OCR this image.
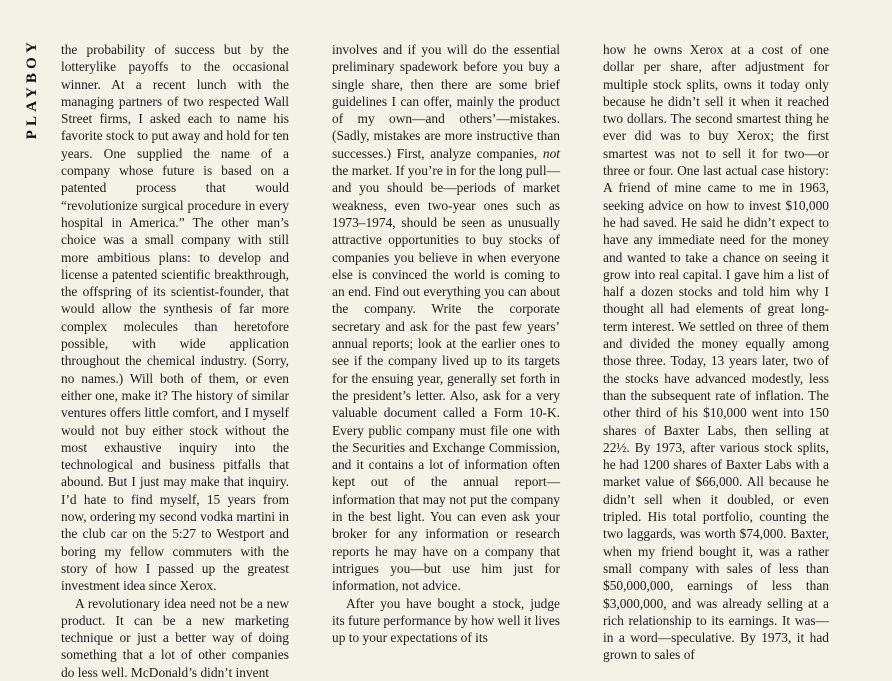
PLAYBOY the probability of success but by the lotterylike payoffs to the occasional winner. At a recent lunch with the managing partners of two respected Wall Street firms, I asked each to name his favorite stock to put away and hold for ten years. One supplied the name of a company whose future is based on a patented process that would “revolutionize surgical procedure in every hospital in America.” The other man’s choice was a small company with still more ambitious plans: to develop and license a patented scientific breakthrough, the offspring of its scientist-founder, that would allow the synthesis of far more complex molecules than heretofore possible, with wide application throughout the chemical industry. (Sorry, no names.) Will both of them, or even either one, make it? The history of similar ventures offers little comfort, and I myself would not buy either stock without the most exhaustive inquiry into the technological and business pitfalls that abound. But I just may make that inquiry. I’d hate to find myself, 15 years from now, ordering my second vodka martini in the club car on the 5:27 to Westport and boring my fellow commuters with the story of how I passed up the greatest investment idea since Xerox.

A revolutionary idea need not be a new product. It can be a new marketing technique or just a better way of doing something that a lot of other companies do less well. McDonald’s didn’t invent

involves and if you will do the essential preliminary spadework before you buy a single share, then there are some brief guidelines I can offer, mainly the product of my own—and others’—mistakes. (Sadly, mistakes are more instructive than successes.) First, analyze companies, not the market. If you’re in for the long pull—and you should be—periods of market weakness, even two-year ones such as 1973–1974, should be seen as unusually attractive opportunities to buy stocks of companies you believe in when everyone else is convinced the world is coming to an end. Find out everything you can about the company. Write the corporate secretary and ask for the past few years’ annual reports; look at the earlier ones to see if the company lived up to its targets for the ensuing year, generally set forth in the president’s letter. Also, ask for a very valuable document called a Form 10-K. Every public company must file one with the Securities and Exchange Commission, and it contains a lot of information often kept out of the annual report—information that may not put the company in the best light. You can even ask your broker for any information or research reports he may have on a company that intrigues you—but use him just for information, not advice.

After you have bought a stock, judge its future performance by how well it lives up to your expectations of its

how he owns Xerox at a cost of one dollar per share, after adjustment for multiple stock splits, owns it today only because he didn’t sell it when it reached two dollars. The second smartest thing he ever did was to buy Xerox; the first smartest was not to sell it for two—or three or four. One last actual case history: A friend of mine came to me in 1963, seeking advice on how to invest $10,000 he had saved. He said he didn’t expect to have any immediate need for the money and wanted to take a chance on seeing it grow into real capital. I gave him a list of half a dozen stocks and told him why I thought all had elements of great long-term interest. We settled on three of them and divided the money equally among those three. Today, 13 years later, two of the stocks have advanced modestly, less than the subsequent rate of inflation. The other third of his $10,000 went into 150 shares of Baxter Labs, then selling at 22½. By 1973, after various stock splits, he had 1200 shares of Baxter Labs with a market value of $66,000. All because he didn’t sell when it doubled, or even tripled. His total portfolio, counting the two laggards, was worth $74,000. Baxter, when my friend bought it, was a rather small company with sales of less than $50,000,000, earnings of less than $3,000,000, and was already selling at a rich relationship to its earnings. It was—in a word—speculative. By 1973, it had grown to sales of
